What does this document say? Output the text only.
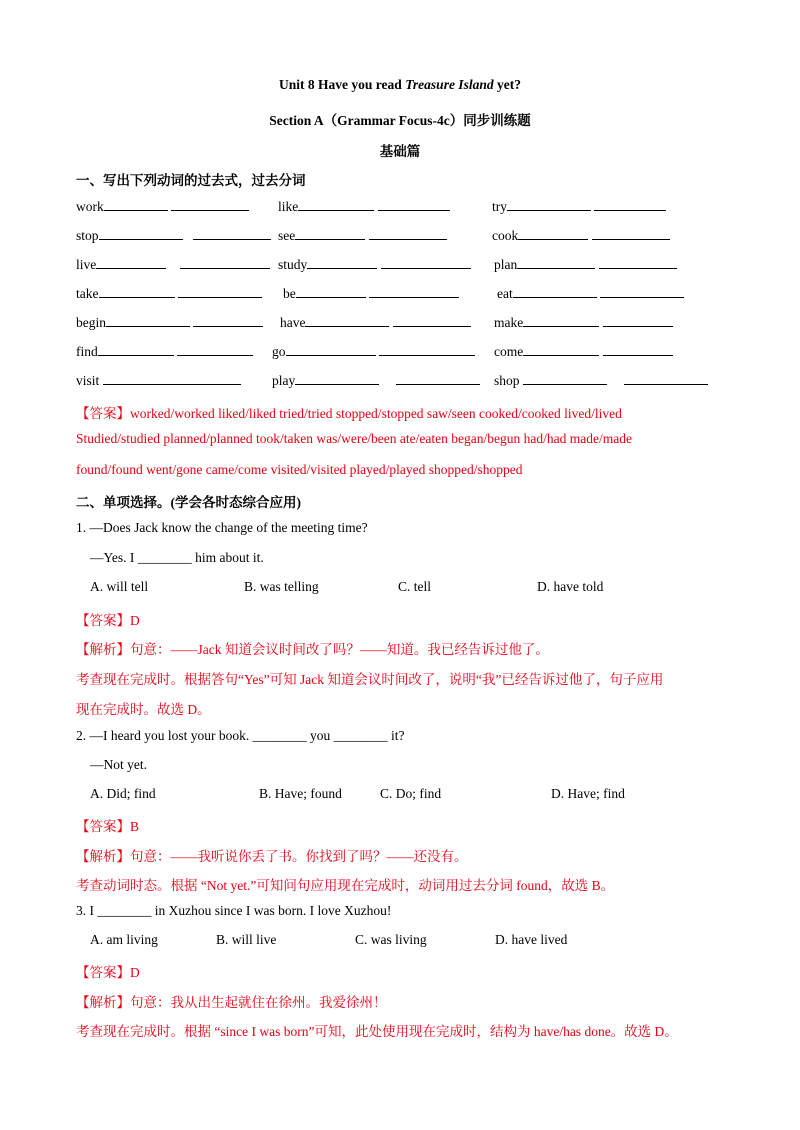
Unit 8 Have you read Treasure Island yet?
Section A（Grammar Focus-4c）同步训练题
基础篇
一、写出下列动词的过去式，过去分词
work	like	try
stop	see	cook
live	study	plan
take	be	eat
begin	have	make
find	go	come
visit	play	shop
【答案】worked/worked liked/liked tried/tried stopped/stopped saw/seen cooked/cooked lived/lived
Studied/studied planned/planned took/taken was/were/been ate/eaten began/begun had/had made/made
found/found went/gone came/come visited/visited played/played shopped/shopped
二、单项选择。(学会各时态综合应用)
1. —Does Jack know the change of the meeting time?
—Yes. I ________ him about it.
A. will tell	B. was telling	C. tell	D. have told
【答案】D
【解析】句意：——Jack 知道会议时间改了吗？——知道。我已经告诉过他了。
考查现在完成时。根据答句“Yes”可知 Jack 知道会议时间改了，说明“我”已经告诉过他了，句子应用
现在完成时。故选 D。
2. —I heard you lost your book. ________ you ________ it?
—Not yet.
A. Did; find	B. Have; found	C. Do; find	D. Have; find
【答案】B
【解析】句意：——我听说你丢了书。你找到了吗？——还没有。
考查动词时态。根据 “Not yet.”可知问句应用现在完成时，动词用过去分词 found，故选 B。
3. I ________ in Xuzhou since I was born. I love Xuzhou!
A. am living	B. will live	C. was living	D. have lived
【答案】D
【解析】句意：我从出生起就住在徐州。我爱徐州！
考查现在完成时。根据 “since I was born”可知，此处使用现在完成时，结构为 have/has done。故选 D。
